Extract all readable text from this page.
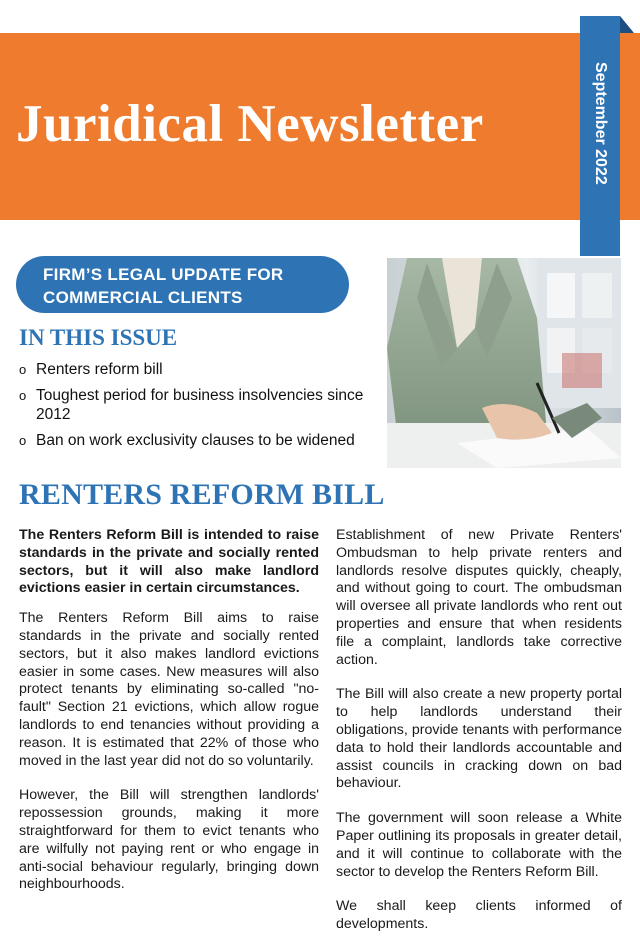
Juridical Newsletter	September 2022
FIRM’S LEGAL UPDATE FOR COMMERCIAL CLIENTS
IN THIS ISSUE
o Renters reform bill
o Toughest period for business insolvencies since 2012
o Ban on work exclusivity clauses to be widened
RENTERS REFORM BILL

The Renters Reform Bill is intended to raise standards in the private and socially rented sectors, but it will also make landlord evictions easier in certain circumstances.

The Renters Reform Bill aims to raise standards in the private and socially rented sectors, but it also makes landlord evictions easier in some cases. New measures will also protect tenants by eliminating so-called "no-fault" Section 21 evictions, which allow rogue landlords to end tenancies without providing a reason. It is estimated that 22% of those who moved in the last year did not do so voluntarily.

However, the Bill will strengthen landlords' repossession grounds, making it more straightforward for them to evict tenants who are wilfully not paying rent or who engage in anti-social behaviour regularly, bringing down neighbourhoods.

Establishment of new Private Renters' Ombudsman to help private renters and landlords resolve disputes quickly, cheaply, and without going to court. The ombudsman will oversee all private landlords who rent out properties and ensure that when residents file a complaint, landlords take corrective action.

The Bill will also create a new property portal to help landlords understand their obligations, provide tenants with performance data to hold their landlords accountable and assist councils in cracking down on bad behaviour.

The government will soon release a White Paper outlining its proposals in greater detail, and it will continue to collaborate with the sector to develop the Renters Reform Bill.

We shall keep clients informed of developments.
